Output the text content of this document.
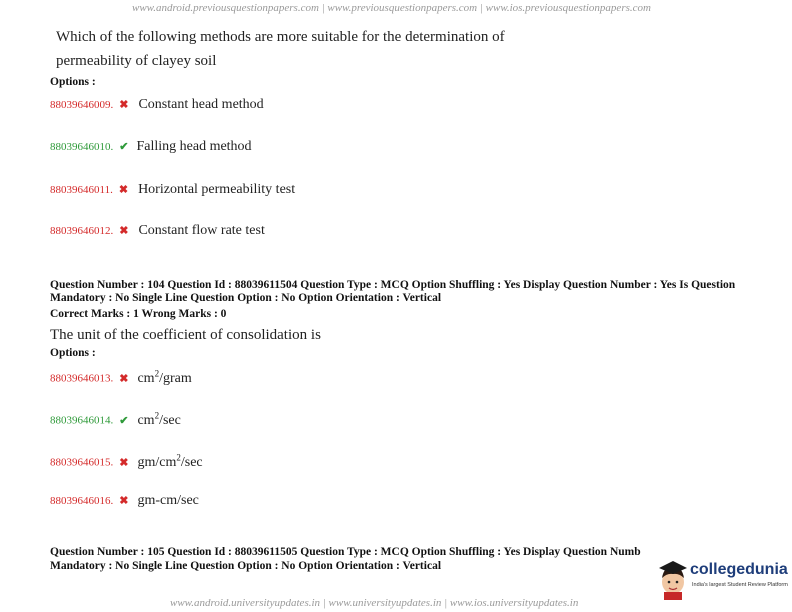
www.android.previousquestionpapers.com | www.previousquestionpapers.com | www.ios.previousquestionpapers.com
Which of the following methods are more suitable for the determination of
permeability of clayey soil
Options :
88039646009. ✖ Constant head method
88039646010. ✔ Falling head method
88039646011. ✖ Horizontal permeability test
88039646012. ✖ Constant flow rate test
Question Number : 104 Question Id : 88039611504 Question Type : MCQ Option Shuffling : Yes Display Question Number : Yes Is Question
Mandatory : No Single Line Question Option : No Option Orientation : Vertical
Correct Marks : 1 Wrong Marks : 0
The unit of the coefficient of consolidation is
Options :
88039646013. ✖ $cm^2$/gram
88039646014. ✔ $cm^2/\sec$
88039646015. ✖ $gm/cm^2/\sec$
88039646016. ✖ gm-cm/sec
Question Number : 105 Question Id : 88039611505 Question Type : MCQ Option Shuffling : Yes Display Question Numb
Mandatory : No Single Line Question Option : No Option Orientation : Vertical	collegedunia
India's largest Student Review Platform
www.android.universityupdates.in | www.universityupdates.in | www.ios.universityupdates.in
